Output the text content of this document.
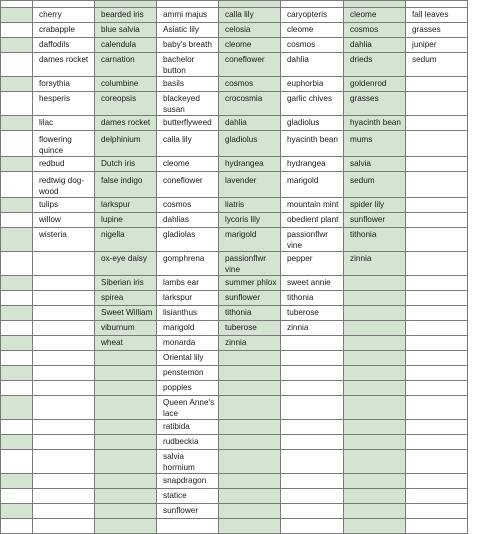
	cherry	bearded iris	ammi majus	calla lily	caryopteris	cleome	fall leaves
	crabapple	blue salvia	Asiatic lily	celosia	cleome	cosmos	grasses
	daffodils	calendula	baby's breath	cleome	cosmos	dahlia	juniper
	dames rocket	carnation	bachelor button	coneflower	dahlia	drieds	sedum
	forsythia	columbine	basils	cosmos	euphorbia	goldenrod	
	hesperis	coreopsis	blackeyed susan	crocosmia	garlic chives	grasses	
	lilac	dames rocket	butterflyweed	dahlia	gladiolus	hyacinth bean	
	flowering quince	delphinium	calla lily	gladiolus	hyacinth bean	mums	
	redbud	Dutch iris	cleome	hydrangea	hydrangea	salvia	
	redtwig dog-wood	false indigo	coneflower	lavender	marigold	sedum	
	tulips	larkspur	cosmos	liatris	mountain mint	spider lily	
	willow	lupine	dahlias	lycoris lily	obedient plant	sunflower	
	wisteria	nigella	gladiolas	marigold	passionflwr vine	tithonia	
		ox-eye daisy	gomphrena	passionflwr vine	pepper	zinnia	
		Siberian iris	lambs ear	summer phlox	sweet annie		
		spirea	larkspur	sunflower	tithonia		
		Sweet William	lisianthus	tithonia	tuberose		
		viburnum	marigold	tuberose	zinnia		
		wheat	monarda	zinnia			
			Oriental lily				
			penstemon				
			poppies				
			Queen Anne's lace				
			ratibida				
			rudbeckia				
			salvia hormium				
			snapdragon				
			statice				
			sunflower				
